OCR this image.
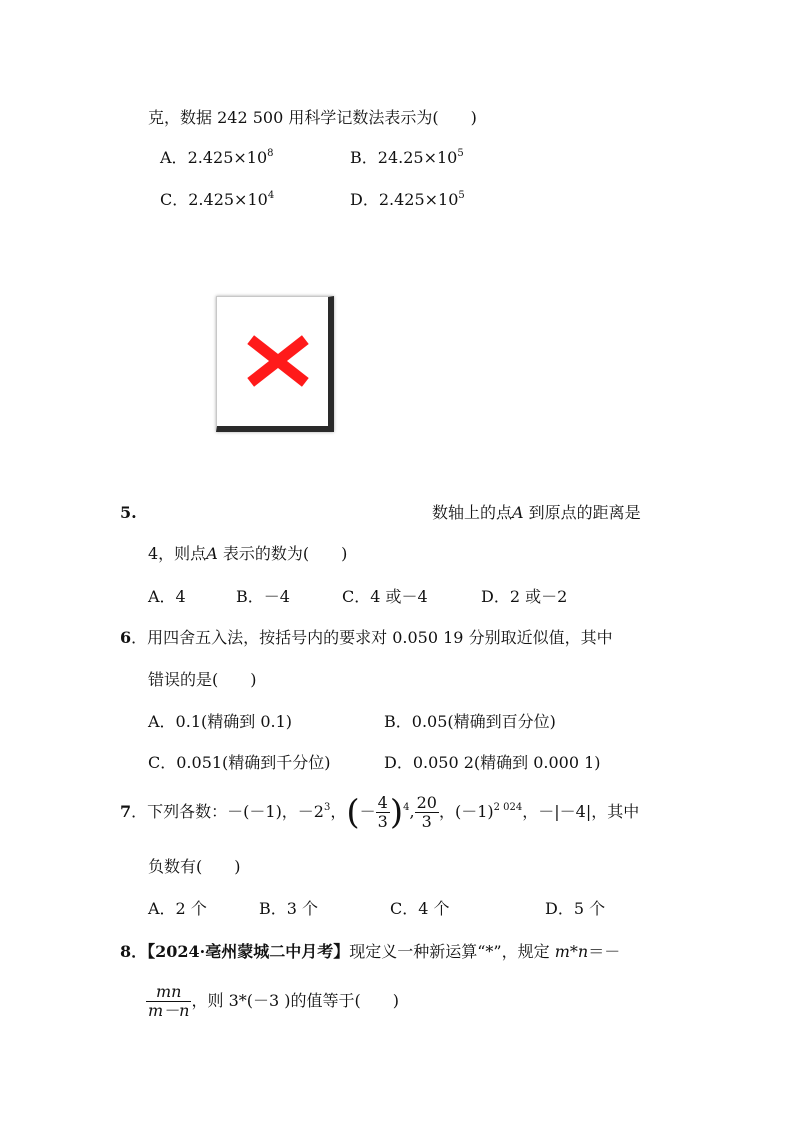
克，数据 242 500 用科学记数法表示为(　　)
A．$2.425\times 10^8$	B．$24.25\times 10^5$
C．$2.425\times 10^4$	D．$2.425\times 10^5$
5.	数轴上的点A 到原点的距离是
4，则点A 表示的数为(　　)
A．4	B．－4	C．4 或－4	D．2 或－2
6．用四舍五入法，按括号内的要求对 0.050 19 分别取近似值，其中
错误的是(　　)
A．0.1(精确到 0.1)	B．0.05(精确到百分位)
C．0.051(精确到千分位)	D．0.050 2(精确到 0.000 1)
7．下列各数：－(－1)，$-2^3$，(－ $\frac{4}{3} )^4$, $\frac{20}{3}$ ，$(-1)^{2 024}$，－|－4|，其中
负数有(　　)
A．2 个	B．3 个	C．4 个	D．5 个
8．【2024·亳州蒙城二中月考】现定义一种新运算“*”，规定 m*n＝－
$\frac{mn}{m-n}$ ，则 3*(－3 )的值等于(　　)
